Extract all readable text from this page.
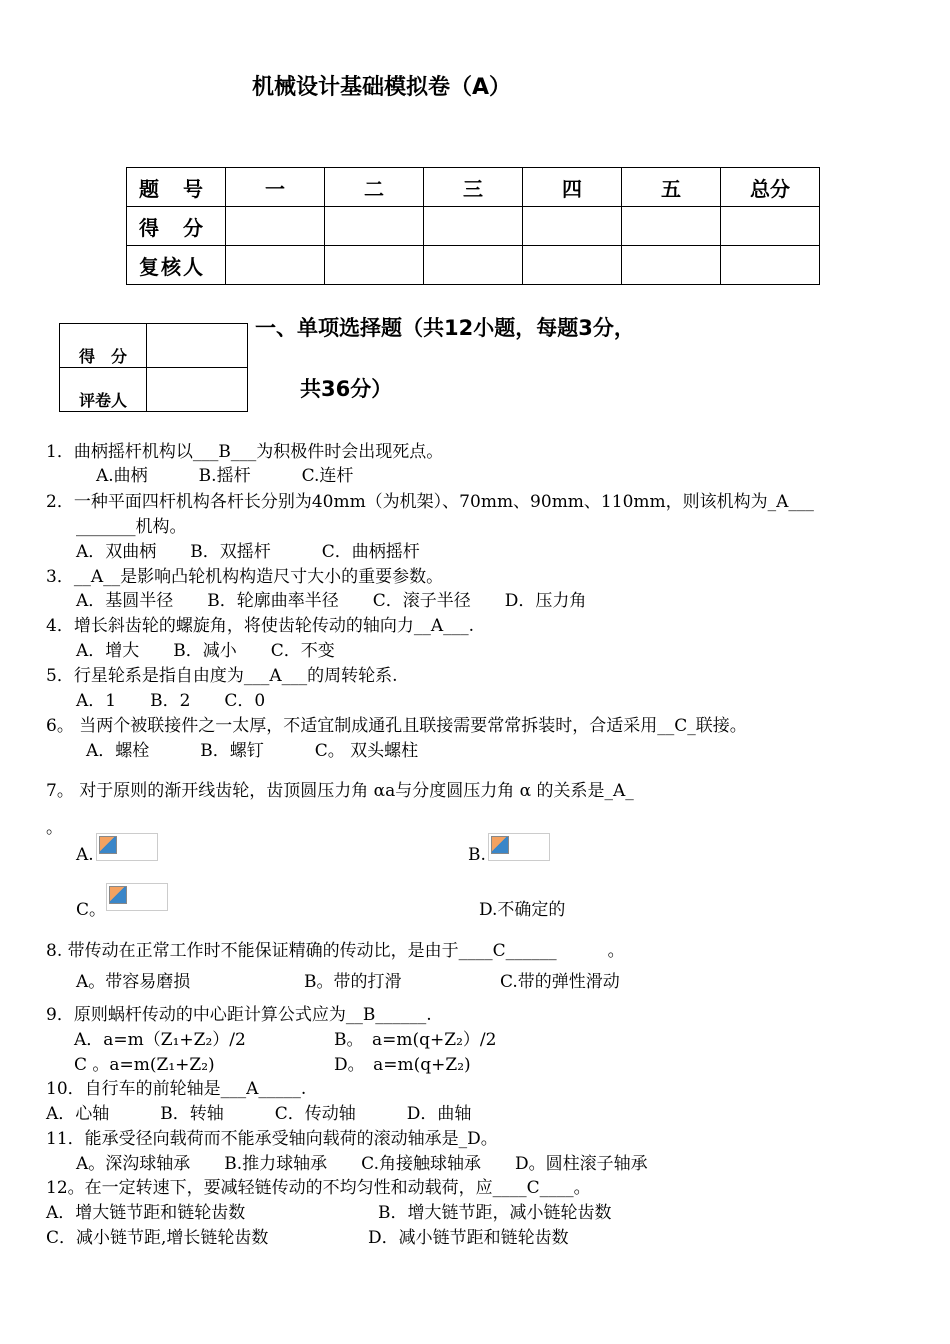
机械设计基础模拟卷（A）
题　号	一	二	三	四	五	总分
得　分						
复核人						
得　分	
评卷人	
一、单项选择题（共12小题，每题3分，
共36分）
1．曲柄摇杆机构以___B___为积极件时会出现死点。
A.曲柄　　　B.摇杆　　　C.连杆
2．一种平面四杆机构各杆长分别为40mm（为机架）、70mm、90mm、110mm，则该机构为_A___
_______机构。
A．双曲柄　　B．双摇杆　　　C．曲柄摇杆
3．__A__是影响凸轮机构构造尺寸大小的重要参数。
A．基圆半径　　B．轮廓曲率半径　　C．滚子半径　　D．压力角
4．增长斜齿轮的螺旋角，将使齿轮传动的轴向力__A___.
A．增大　　B．减小　　C．不变
5．行星轮系是指自由度为___A___的周转轮系.
A．1　　B．2　　C．0
6。 当两个被联接件之一太厚，不适宜制成通孔且联接需要常常拆装时，合适采用__C_联接。
A．螺栓　　　B．螺钉　　　C。 双头螺柱
7。 对于原则的渐开线齿轮，齿顶圆压力角 αa与分度圆压力角 α 的关系是_A_
。
A.	B.
C。	D.不确定的
8. 带传动在正常工作时不能保证精确的传动比，是由于____C______　　　。
A。带容易磨损	B。带的打滑	C.带的弹性滑动
9．原则蜗杆传动的中心距计算公式应为__B______.
A．a=m（Z₁+Z₂）/2	B。　a=m(q+Z₂）/2
C 。a=m(Z₁+Z₂)	D。　a=m(q+Z₂)
10．自行车的前轮轴是___A_____.
A．心轴　　　B．转轴　　　C．传动轴　　　D．曲轴
11．能承受径向载荷而不能承受轴向载荷的滚动轴承是_D。
A。深沟球轴承　　B.推力球轴承　　C.角接触球轴承　　D。圆柱滚子轴承
12。在一定转速下，要减轻链传动的不均匀性和动载荷，应____C____。
A．增大链节距和链轮齿数	B．增大链节距，减小链轮齿数
C．减小链节距,增长链轮齿数	D．减小链节距和链轮齿数
